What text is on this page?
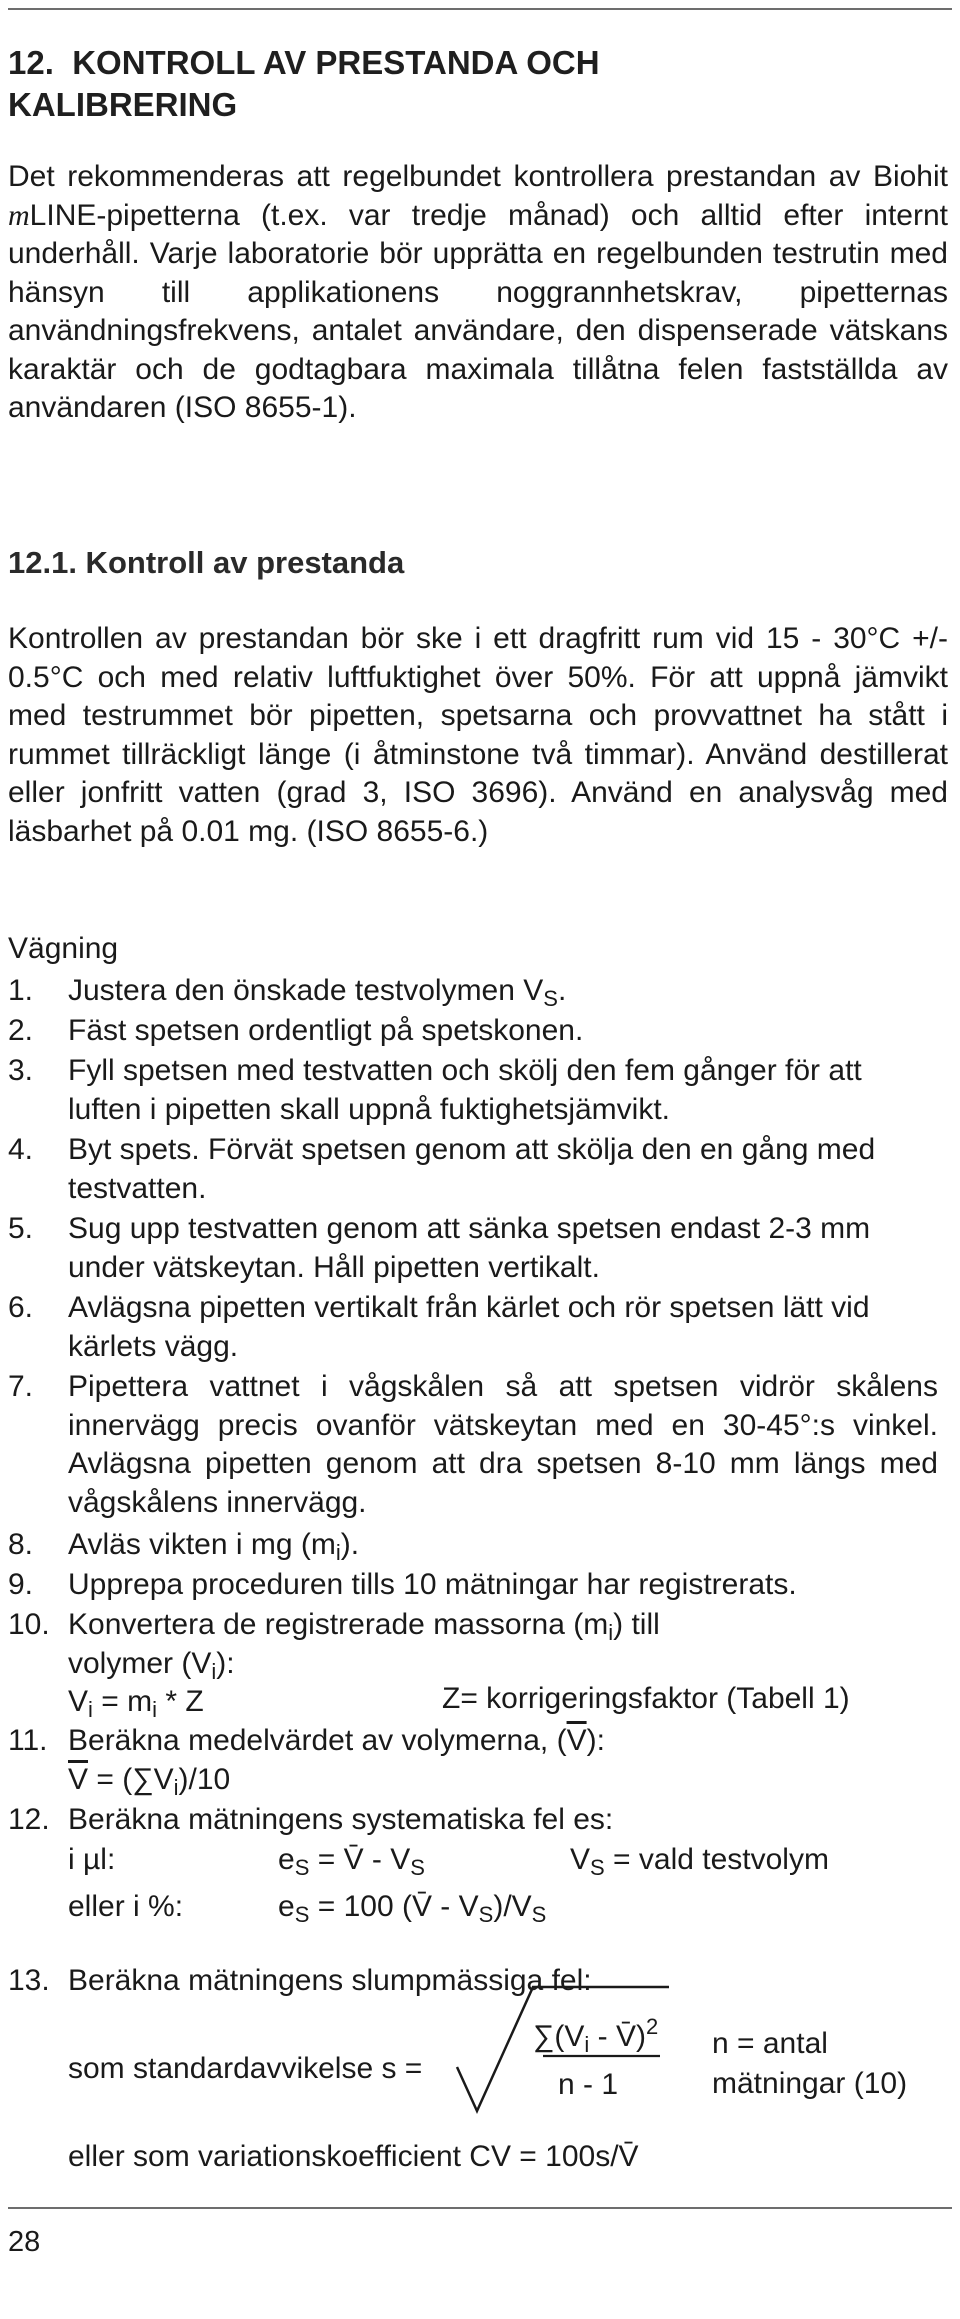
12.  KONTROLL AV PRESTANDA OCH
KALIBRERING
Det rekommenderas att regelbundet kontrollera prestandan av Biohit mLINE-pipetterna (t.ex. var tredje månad) och alltid efter internt underhåll. Varje laboratorie bör upprätta en regelbunden testrutin med hänsyn till applikationens noggrannhetskrav, pipetternas användningsfrekvens, antalet användare, den dispenserade vätskans karaktär och de godtagbara maximala tillåtna felen fastställda av användaren (ISO 8655-1).
12.1. Kontroll av prestanda
Kontrollen av prestandan bör ske i ett dragfritt rum vid 15 - 30°C +/- 0.5°C och med relativ luftfuktighet över 50%. För att uppnå jämvikt med testrummet bör pipetten, spetsarna och provvattnet ha stått i rummet tillräckligt länge (i åtminstone två timmar). Använd destillerat eller jonfritt vatten (grad 3, ISO 3696). Använd en analysvåg med läsbarhet på 0.01 mg. (ISO 8655-6.)
Vägning
1. Justera den önskade testvolymen $V_S$.
2. Fäst spetsen ordentligt på spetskonen.
3. Fyll spetsen med testvatten och skölj den fem gånger för att luften i pipetten skall uppnå fuktighetsjämvikt.
4. Byt spets. Förvät spetsen genom att skölja den en gång med testvatten.
5. Sug upp testvatten genom att sänka spetsen endast 2-3 mm under vätskeytan. Håll pipetten vertikalt.
6. Avlägsna pipetten vertikalt från kärlet och rör spetsen lätt vid kärlets vägg.
7. Pipettera vattnet i vågskålen så att spetsen vidrör skålens innervägg precis ovanför vätskeytan med en 30-45°:s vinkel. Avlägsna pipetten genom att dra spetsen 8-10 mm längs med vågskålens innervägg.
8. Avläs vikten i mg $(m_i)$.
9. Upprepa proceduren tills 10 mätningar har registrerats.
10. Konvertera de registrerade massorna $(m_i)$ till
volymer $(V_i)$:
$V_i = m_i * Z$	Z= korrigeringsfaktor (Tabell 1)
11. Beräkna medelvärdet av volymerna, $(\overline{V})$:
$\overline{V} = (\sum V_i)/10$
12. Beräkna mätningens systematiska fel es:
i µl:	$e_S$ = V̄ - $V_S$	$V_S$ = vald testvolym
eller i %:	$e_S = 100$ (V̄ - $V_S)/V_S$
13. Beräkna mätningens slumpmässiga fel:
som standardavvikelse s =
$\sum(V_i$ - V̄)$^2$
n - 1
n = antal
mätningar (10)
eller som variationskoefficient CV = 100s/V̄
28
